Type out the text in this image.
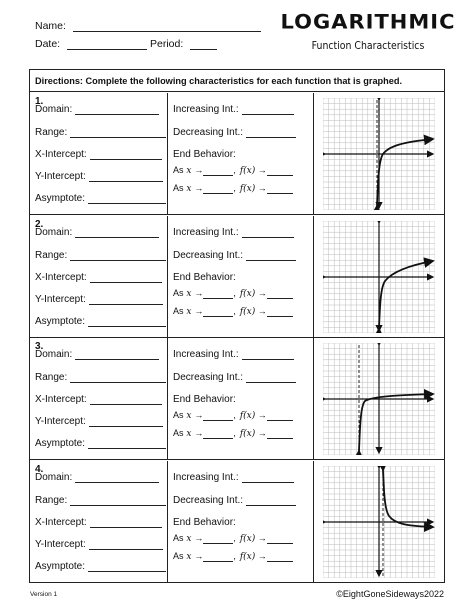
Name:
Date:	Period:
LOGARITHMIC
Function Characteristics
Directions: Complete the following characteristics for each function that is graphed.
1.
Domain:
Range:
X-Intercept:
Y-Intercept:
Asymptote:
Increasing Int.:
Decreasing Int.:
End Behavior:
As x →	, f(x) →
As x →	, f(x) →
2.
Domain:
Range:
X-Intercept:
Y-Intercept:
Asymptote:
Increasing Int.:
Decreasing Int.:
End Behavior:
As x →	, f(x) →
As x →	, f(x) →
3.
Domain:
Range:
X-Intercept:
Y-Intercept:
Asymptote:
Increasing Int.:
Decreasing Int.:
End Behavior:
As x →	, f(x) →
As x →	, f(x) →
4.
Domain:
Range:
X-Intercept:
Y-Intercept:
Asymptote:
Increasing Int.:
Decreasing Int.:
End Behavior:
As x →	, f(x) →
As x →	, f(x) →
Version 1	©EightGoneSideways2022
